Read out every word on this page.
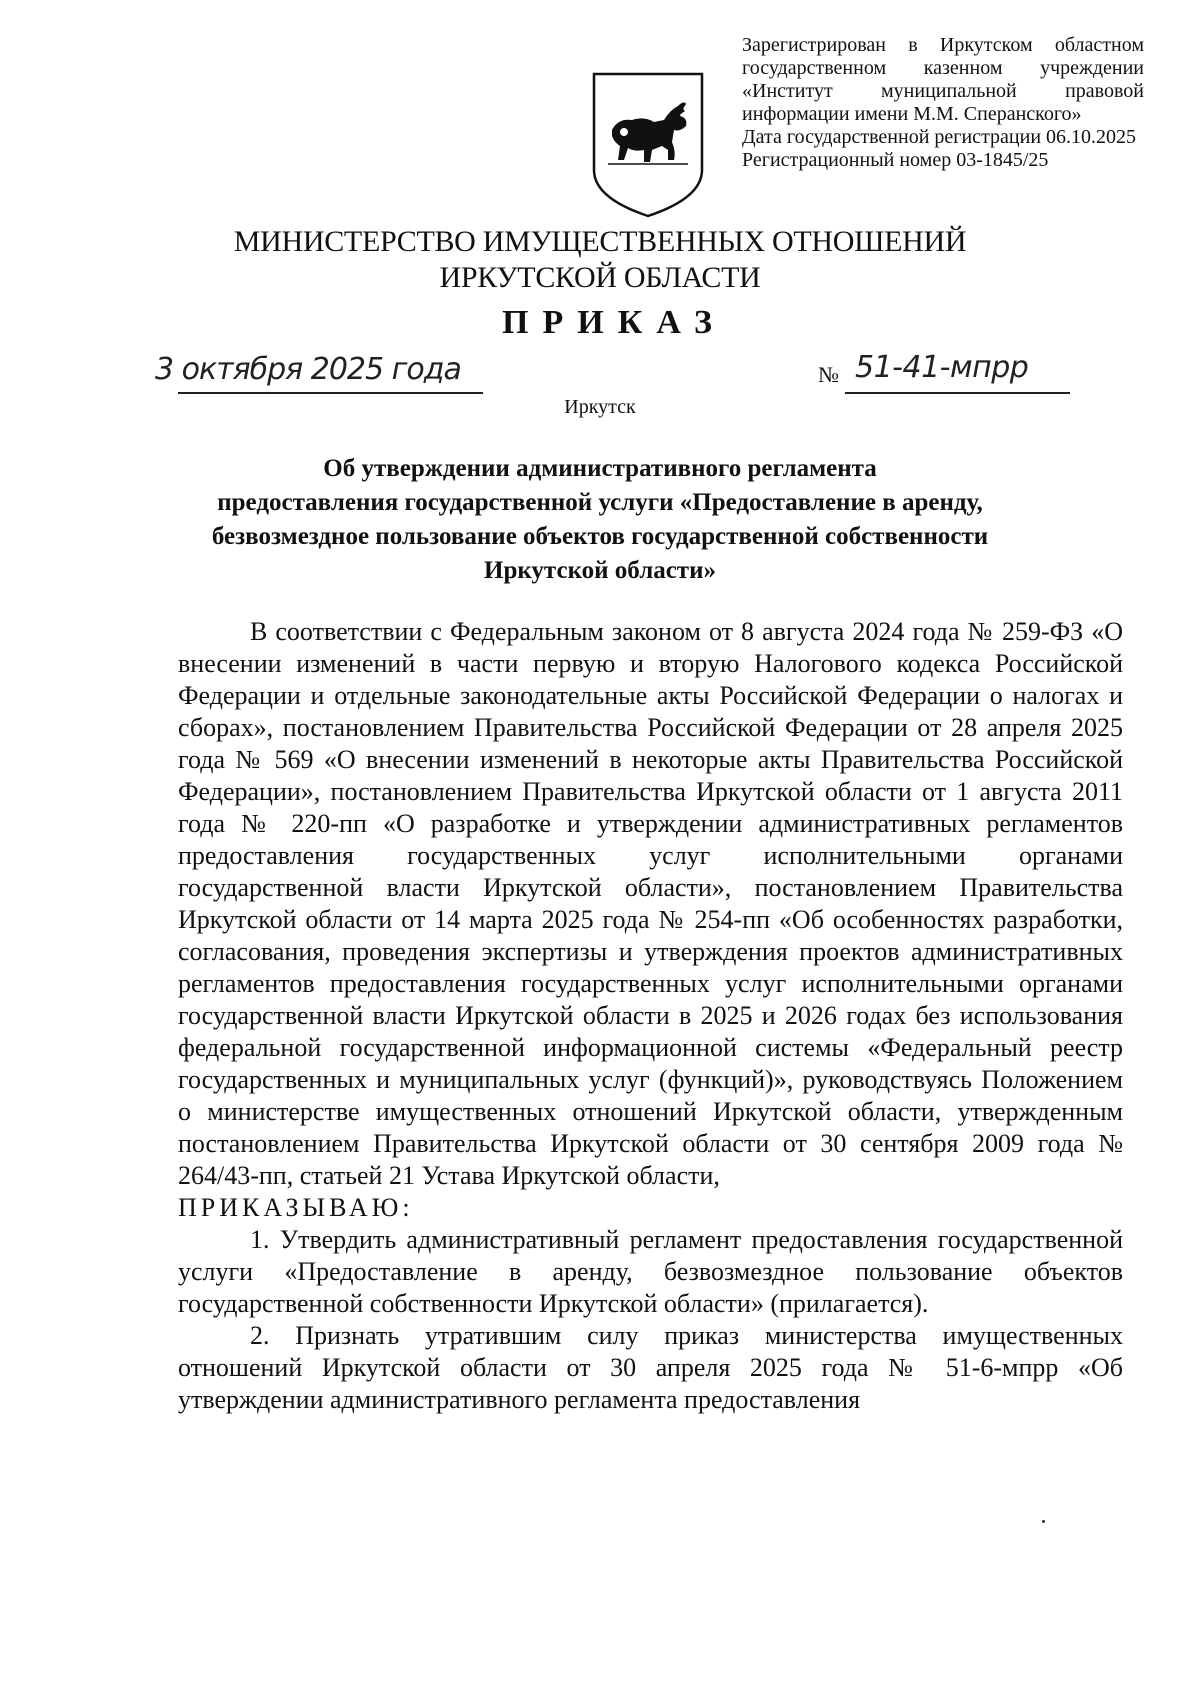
Зарегистрирован в Иркутском областном
государственном казенном учреждении
«Институт муниципальной правовой
информации имени М.М. Сперанского»
Дата государственной регистрации 06.10.2025
Регистрационный номер 03-1845/25
МИНИСТЕРСТВО ИМУЩЕСТВЕННЫХ ОТНОШЕНИЙ
ИРКУТСКОЙ ОБЛАСТИ
ПРИКАЗ
3 октября 2025 года	№ 51-41-мпрр
Иркутск
Об утверждении административного регламента
предоставления государственной услуги «Предоставление в аренду,
безвозмездное пользование объектов государственной собственности
Иркутской области»

В соответствии с Федеральным законом от 8 августа 2024 года № 259-ФЗ «О внесении изменений в части первую и вторую Налогового кодекса Российской Федерации и отдельные законодательные акты Российской Федерации о налогах и сборах», постановлением Правительства Российской Федерации от 28 апреля 2025 года № 569 «О внесении изменений в некоторые акты Правительства Российской Федерации», постановлением Правительства Иркутской области от 1 августа 2011 года № 220-пп «О разработке и утверждении административных регламентов предоставления государственных услуг исполнительными органами государственной власти Иркутской области», постановлением Правительства Иркутской области от 14 марта 2025 года № 254-пп «Об особенностях разработки, согласования, проведения экспертизы и утверждения проектов административных регламентов предоставления государственных услуг исполнительными органами государственной власти Иркутской области в 2025 и 2026 годах без использования федеральной государственной информационной системы «Федеральный реестр государственных и муниципальных услуг (функций)», руководствуясь Положением о министерстве имущественных отношений Иркутской области, утвержденным постановлением Правительства Иркутской области от 30 сентября 2009 года № 264/43-пп, статьей 21 Устава Иркутской области,

ПРИКАЗЫВАЮ:

1. Утвердить административный регламент предоставления государственной услуги «Предоставление в аренду, безвозмездное пользование объектов государственной собственности Иркутской области» (прилагается).

2. Признать утратившим силу приказ министерства имущественных отношений Иркутской области от 30 апреля 2025 года № 51-6-мпрр «Об утверждении административного регламента предоставления
